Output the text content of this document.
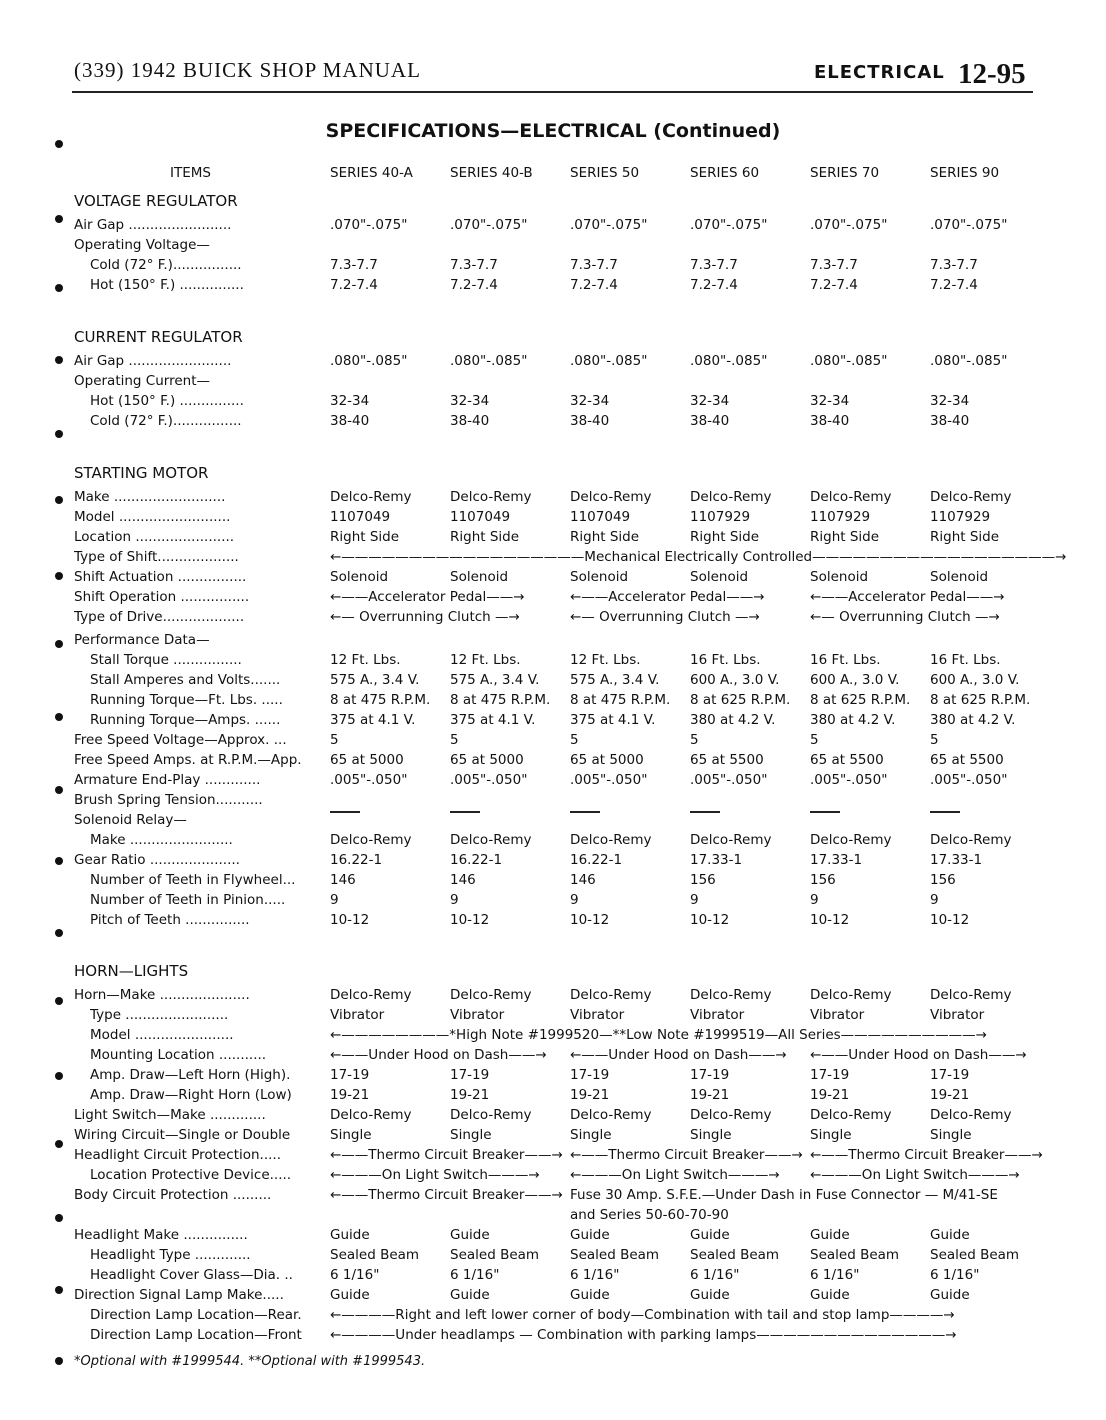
(339) 1942 BUICK SHOP MANUAL	ELECTRICAL 12-95
SPECIFICATIONS—ELECTRICAL (Continued)
ITEMS	SERIES 40-A	SERIES 40-B	SERIES 50	SERIES 60	SERIES 70	SERIES 90
VOLTAGE REGULATOR
Air Gap ........................	.070"-.075"	.070"-.075"	.070"-.075"	.070"-.075"	.070"-.075"	.070"-.075"
Operating Voltage—
Cold (72° F.)................	7.3-7.7	7.3-7.7	7.3-7.7	7.3-7.7	7.3-7.7	7.3-7.7
Hot (150° F.) ...............	7.2-7.4	7.2-7.4	7.2-7.4	7.2-7.4	7.2-7.4	7.2-7.4
CURRENT REGULATOR
Air Gap ........................	.080"-.085"	.080"-.085"	.080"-.085"	.080"-.085"	.080"-.085"	.080"-.085"
Operating Current—
Hot (150° F.) ...............	32-34	32-34	32-34	32-34	32-34	32-34
Cold (72° F.)................	38-40	38-40	38-40	38-40	38-40	38-40
STARTING MOTOR
Make ..........................	Delco-Remy	Delco-Remy	Delco-Remy	Delco-Remy	Delco-Remy	Delco-Remy
Model ..........................	1107049	1107049	1107049	1107929	1107929	1107929
Location .......................	Right Side	Right Side	Right Side	Right Side	Right Side	Right Side
Type of Shift...................	←——————————————————Mechanical Electrically Controlled——————————————————→
Shift Actuation ................	Solenoid	Solenoid	Solenoid	Solenoid	Solenoid	Solenoid
Shift Operation ................	←——Accelerator Pedal——→	←——Accelerator Pedal——→	←——Accelerator Pedal——→
Type of Drive...................	←— Overrunning Clutch —→	←— Overrunning Clutch —→	←— Overrunning Clutch —→
Performance Data—
Stall Torque ................	12 Ft. Lbs.	12 Ft. Lbs.	12 Ft. Lbs.	16 Ft. Lbs.	16 Ft. Lbs.	16 Ft. Lbs.
Stall Amperes and Volts.......	575 A., 3.4 V. 575 A., 3.4 V. 575 A., 3.4 V. 600 A., 3.0 V. 600 A., 3.0 V. 600 A., 3.0 V.
Running Torque—Ft. Lbs. .....	8 at 475 R.P.M. 8 at 475 R.P.M. 8 at 475 R.P.M. 8 at 625 R.P.M. 8 at 625 R.P.M. 8 at 625 R.P.M.
Running Torque—Amps. ......	375 at 4.1 V.	375 at 4.1 V.	375 at 4.1 V.	380 at 4.2 V.	380 at 4.2 V.	380 at 4.2 V.
Free Speed Voltage—Approx. ...	5	5	5	5	5	5
Free Speed Amps. at R.P.M.—App.	65 at 5000	65 at 5000	65 at 5000	65 at 5500	65 at 5500	65 at 5500
Armature End-Play .............	.005"-.050"	.005"-.050"	.005"-.050"	.005"-.050"	.005"-.050"	.005"-.050"
Brush Spring Tension...........
Solenoid Relay—
Make ........................	Delco-Remy	Delco-Remy	Delco-Remy	Delco-Remy	Delco-Remy	Delco-Remy
Gear Ratio .....................	16.22-1	16.22-1	16.22-1	17.33-1	17.33-1	17.33-1
Number of Teeth in Flywheel...	146	146	146	156	156	156
Number of Teeth in Pinion.....	9	9	9	9	9	9
Pitch of Teeth ...............	10-12	10-12	10-12	10-12	10-12	10-12
HORN—LIGHTS
Horn—Make .....................	Delco-Remy	Delco-Remy	Delco-Remy	Delco-Remy	Delco-Remy	Delco-Remy
Type ........................	Vibrator	Vibrator	Vibrator	Vibrator	Vibrator	Vibrator
Model .......................	←————————*High Note #1999520—**Low Note #1999519—All Series——————————→
Mounting Location ...........	←——Under Hood on Dash——→ ←——Under Hood on Dash——→ ←——Under Hood on Dash——→
Amp. Draw—Left Horn (High).	17-19	17-19	17-19	17-19	17-19	17-19
Amp. Draw—Right Horn (Low)	19-21	19-21	19-21	19-21	19-21	19-21
Light Switch—Make .............	Delco-Remy	Delco-Remy	Delco-Remy	Delco-Remy	Delco-Remy	Delco-Remy
Wiring Circuit—Single or Double	Single	Single	Single	Single	Single	Single
Headlight Circuit Protection.....	←——Thermo Circuit Breaker——→ ←——Thermo Circuit Breaker——→ ←——Thermo Circuit Breaker——→
Location Protective Device.....	←———On Light Switch———→ ←———On Light Switch———→ ←———On Light Switch———→
Body Circuit Protection .........	←——Thermo Circuit Breaker——→ Fuse 30 Amp. S.F.E.—Under Dash in Fuse Connector — M/41-SE
and Series 50-60-70-90
Headlight Make ...............	Guide	Guide	Guide	Guide	Guide	Guide
Headlight Type .............	Sealed Beam Sealed Beam Sealed Beam Sealed Beam Sealed Beam Sealed Beam
Headlight Cover Glass—Dia. ..	6 1/16"	6 1/16"	6 1/16"	6 1/16"	6 1/16"	6 1/16"
Direction Signal Lamp Make.....	Guide	Guide	Guide	Guide	Guide	Guide
Direction Lamp Location—Rear.	←————Right and left lower corner of body—Combination with tail and stop lamp————→
Direction Lamp Location—Front	←————Under headlamps — Combination with parking lamps——————————————→
*Optional with #1999544. **Optional with #1999543.
